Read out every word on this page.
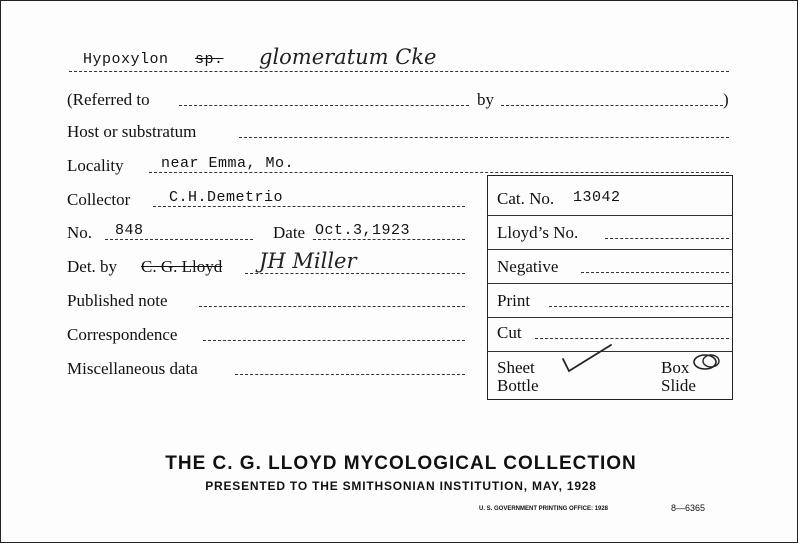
Hypoxylon sp. glomeratum Cke
(Referred to	by	)
Host or substratum
Locality near Emma, Mo.
Collector	C.H.Demetrio
No. 848	Date Oct.3,1923
Det. by C. G. Lloyd JH Miller
Published note
Correspondence
Miscellaneous data
Cat. No. 13042
Lloyd’s No.
Negative
Print
Cut
Sheet	Box
Bottle	Slide
THE C. G. LLOYD MYCOLOGICAL COLLECTION
PRESENTED TO THE SMITHSONIAN INSTITUTION, MAY, 1928
U. S. GOVERNMENT PRINTING OFFICE: 1928	8—6365
